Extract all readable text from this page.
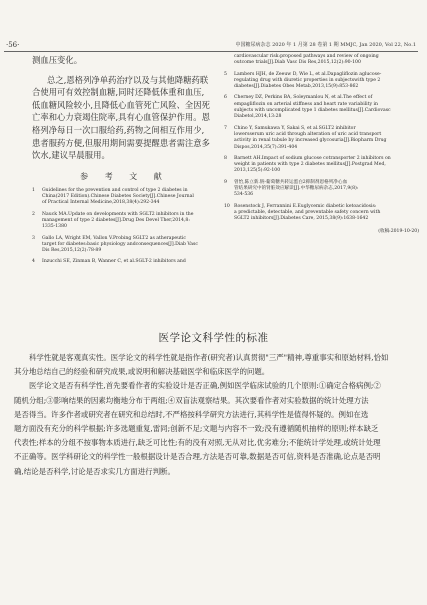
·56·	中国糖尿病杂志 2020 年 1 月第 28 卷第 1 期 MMJC, Jan 2020, Vol 22, No.1
测血压变化。
总之,恩格列净单药治疗以及与其他降糖药联
合使用可有效控制血糖,同时还降低体重和血压,
低血糖风险较小,且降低心血管死亡风险、全因死
亡率和心力衰竭住院率,具有心血管保护作用。恩
格列净每日一次口服给药,药物之间相互作用少,
患者服药方便,但服用期间需要提醒患者需注意多
饮水,建议早晨服用。
参 考 文 献
1	Guidelines for the prevention and control of type 2 diabetes in
China(2017 Edition).Chinese Diabetes Society[J].Chinese Journal
of Practical Internal Medicine,2018,38(4):292-344
2	Nauck MA.Update on developments with SGLT2 inhibitors in the
management of type 2 diabetes[J].Drug Des Devel Ther,2014,8:
1335-1380
3	Gallo LA, Wright EM, Vallon V.Probing SGLT2 as atherapeutic
target for diabetes:basic physiology andconsequences[J].Diab Vasc
Dis Res,2015,12(2):78-89
4	Inzucchi SE, Zinman B, Wanner C, et al.SGLT-2 inhibitors and
cardiovascular risk:proposed pathways and review of ongoing
outcome trials[J].Diab Vasc Dis Res,2015,12(2):90-100
5	Lambers HJH, de Zeeuw D, Wie L, et al.Dapagliflozin aglucose-
regulating drug with diuretic properties in subjectswith type 2
diabetes[J].Diabetes Obes Metab,2013,15(9):853-862
6	Cherney DZ, Perkins BA, Soleymanlou N, et al.The effect of
empagliflozin on arterial stiffness and heart rate variability in
subjects with uncomplicated type 1 diabetes mellitus[J].Cardiovasc
Diabetol,2014,13:28
7	Chino Y, Samukawa Y, Sakai S, et al.SGLT2 inhibitor
lowersserum uric acid through alteration of uric acid transport
activity in renal tubule by increased glycosuria[J].Biopharm Drug
Dispos,2014,35(7):391-404
8	Barnett AH.Impact of sodium glucose cotransporter 2 inhibitors on
weight in patients with type 2 diabetes mellitus[J].Postgrad Med,
2013,125(5):92-100
9	曾怡,陈立新.钠-葡萄糖共转运蛋白2抑制剂恩格列净心血
管结果研究中的肾脏效应解读[J].中华糖尿病杂志,2017,9(8):
534-536
10 Rosenstock J, Ferrannini E.Euglycemic diabetic ketoacidosis:
a predictable, detectable, and preventable safety concern with
SGLT2 inhibitors[J].Diabetes Care, 2015,38(9):1638-1642
(收稿:2019-10-20)
医学论文科学性的标准
科学性就是客观真实性。医学论文的科学性就是指作者(研究者)认真贯彻"三严"精神,尊重事实和原始材料,恰如
其分地总结自己的经验和研究成果,或说明和解决基础医学和临床医学的问题。
医学论文是否有科学性,首先要看作者的实验设计是否正确,例如医学临床试验的几个原则:①确定合格病例;②
随机分组;③影响结果的因素均衡地分布于两组;④双盲法观察结果。其次要看作者对实验数据的统计处理方法
是否得当。许多作者或研究者在研究和总结时,不严格按科学研究方法进行,其科学性是值得怀疑的。例如在选
题方面没有充分的科学根据;许多选题重复,雷同;创新不足;文题与内容不一致;没有遵循随机抽样的原则;样本缺乏
代表性;样本的分组不按事物本质进行,缺乏可比性;有的没有对照,无从对比,优劣难分;不能统计学处理,或统计处理
不正确等。医学科研论文的科学性一般根据设计是否合理,方法是否可靠,数据是否可信,资料是否准确,论点是否明
确,结论是否科学,讨论是否求实几方面进行判断。
